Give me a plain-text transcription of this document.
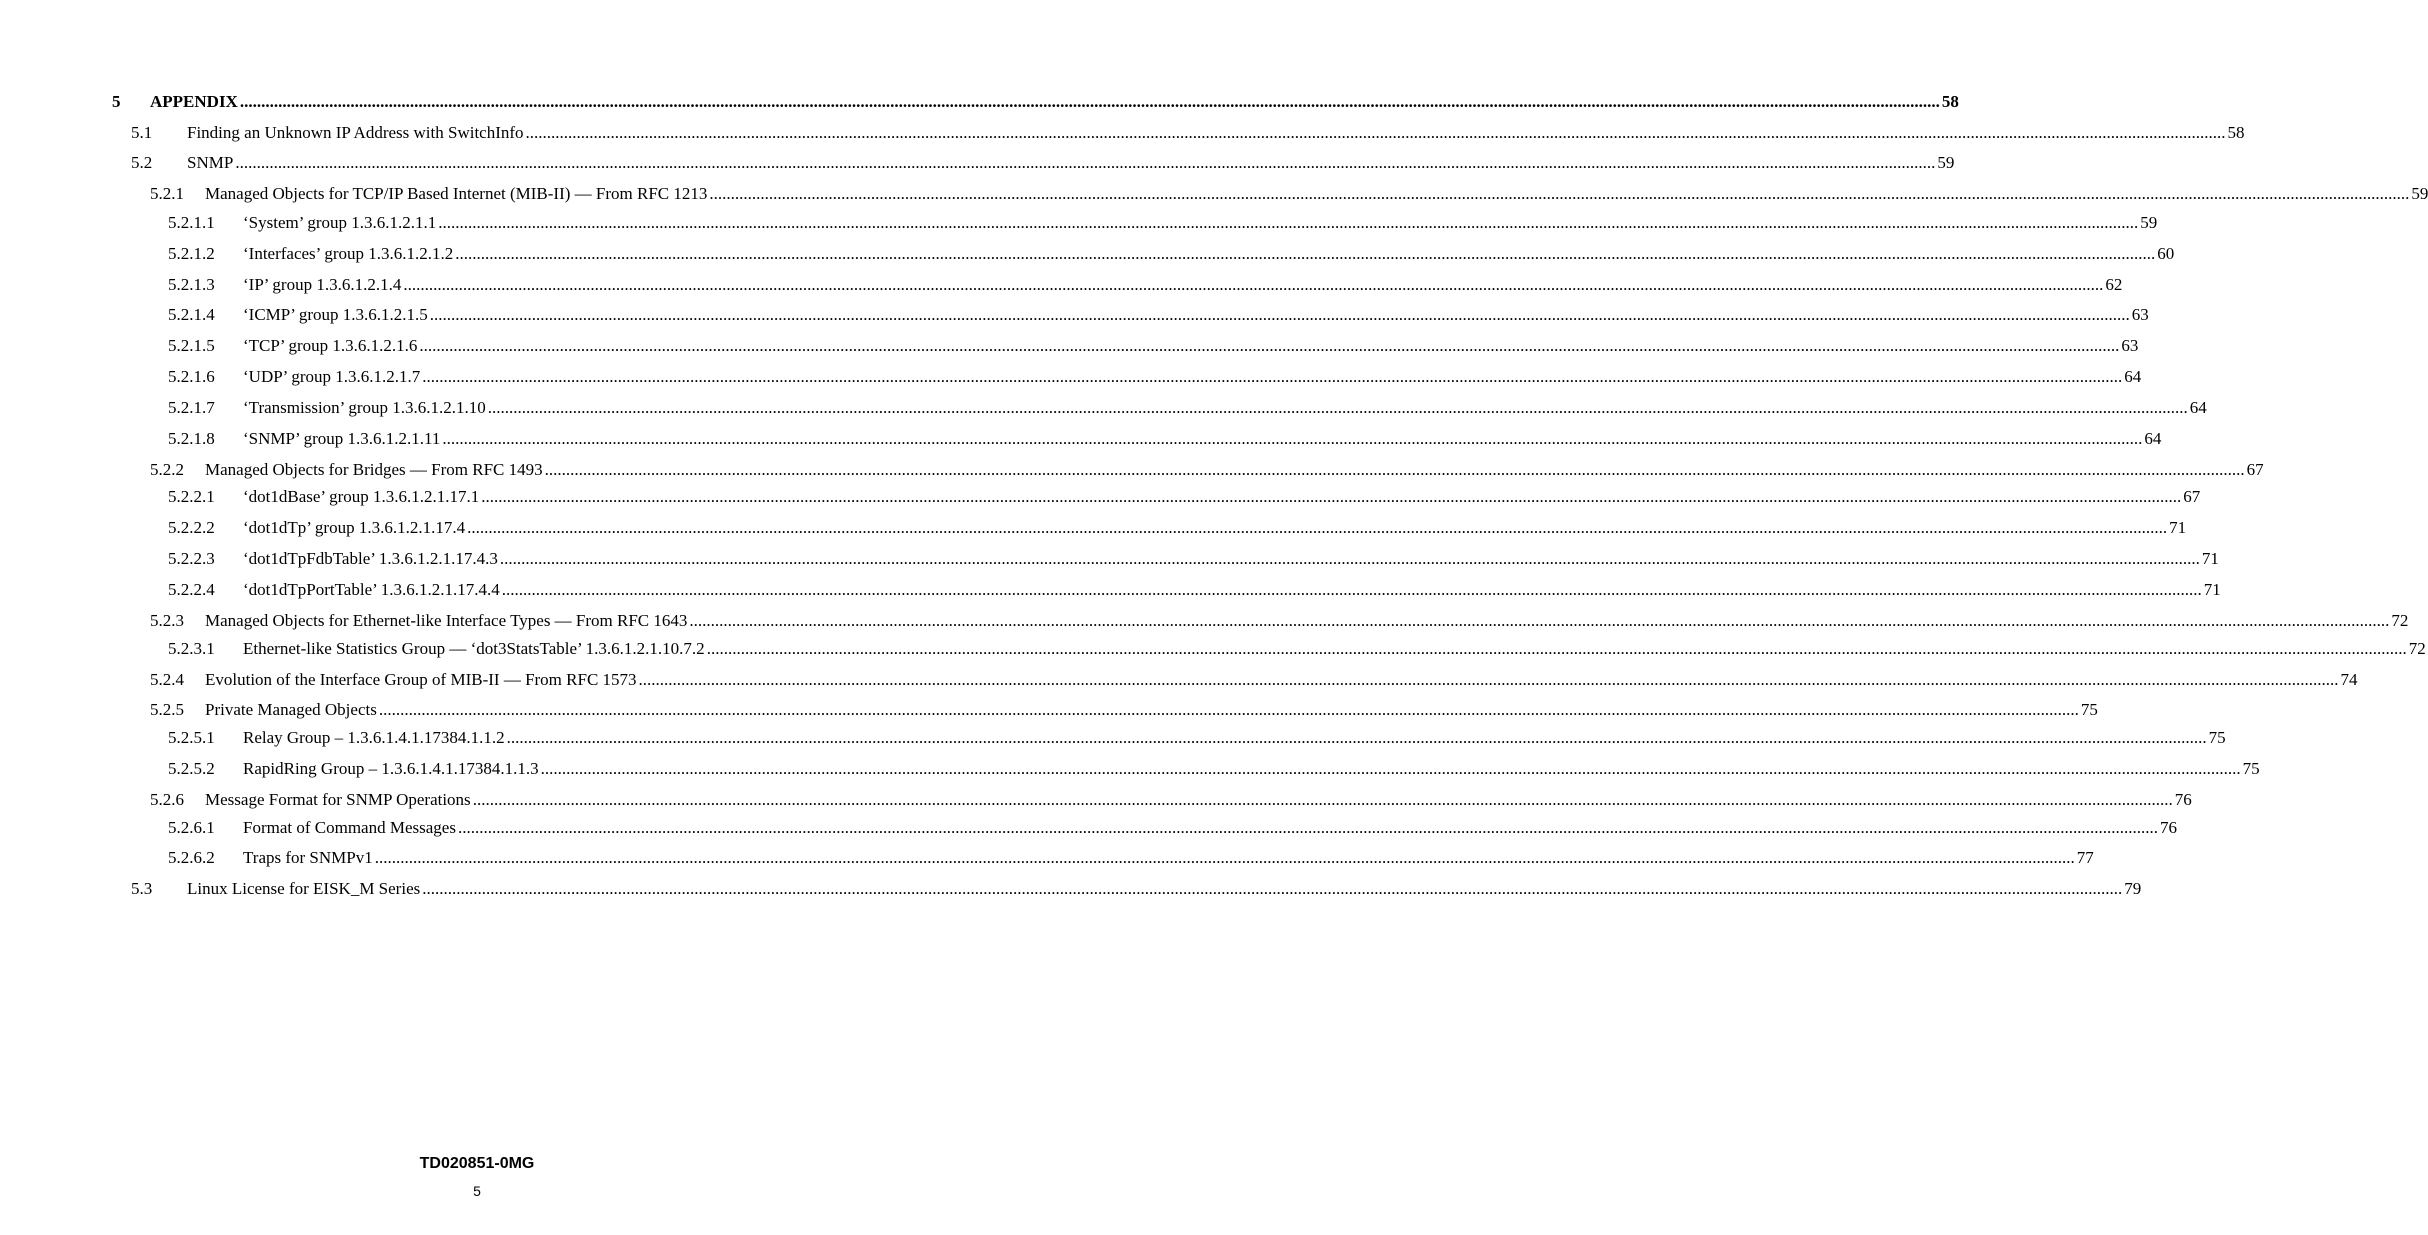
5	APPENDIX ................................................................................................................................................................................................................................................................................................................................................................................................................ 58
5.1	Finding an Unknown IP Address with SwitchInfo ................................................................................................................................................................................................................................................................................................................................................................................................................ 58
5.2	SNMP ................................................................................................................................................................................................................................................................................................................................................................................................................ 59
5.2.1	Managed Objects for TCP/IP Based Internet (MIB-II) — From RFC 1213 ................................................................................................................................................................................................................................................................................................................................................................................................................ 59
5.2.1.1	‘System’ group 1.3.6.1.2.1.1 ................................................................................................................................................................................................................................................................................................................................................................................................................ 59
5.2.1.2	‘Interfaces’ group 1.3.6.1.2.1.2 ................................................................................................................................................................................................................................................................................................................................................................................................................ 60
5.2.1.3	‘IP’ group 1.3.6.1.2.1.4 ................................................................................................................................................................................................................................................................................................................................................................................................................ 62
5.2.1.4	‘ICMP’ group 1.3.6.1.2.1.5 ................................................................................................................................................................................................................................................................................................................................................................................................................ 63
5.2.1.5	‘TCP’ group 1.3.6.1.2.1.6 ................................................................................................................................................................................................................................................................................................................................................................................................................ 63
5.2.1.6	‘UDP’ group 1.3.6.1.2.1.7 ................................................................................................................................................................................................................................................................................................................................................................................................................ 64
5.2.1.7	‘Transmission’ group 1.3.6.1.2.1.10 ................................................................................................................................................................................................................................................................................................................................................................................................................ 64
5.2.1.8	‘SNMP’ group 1.3.6.1.2.1.11 ................................................................................................................................................................................................................................................................................................................................................................................................................ 64
5.2.2	Managed Objects for Bridges — From RFC 1493 ................................................................................................................................................................................................................................................................................................................................................................................................................ 67
5.2.2.1	‘dot1dBase’ group 1.3.6.1.2.1.17.1 ................................................................................................................................................................................................................................................................................................................................................................................................................ 67
5.2.2.2	‘dot1dTp’ group 1.3.6.1.2.1.17.4 ................................................................................................................................................................................................................................................................................................................................................................................................................ 71
5.2.2.3	‘dot1dTpFdbTable’ 1.3.6.1.2.1.17.4.3 ................................................................................................................................................................................................................................................................................................................................................................................................................ 71
5.2.2.4	‘dot1dTpPortTable’ 1.3.6.1.2.1.17.4.4 ................................................................................................................................................................................................................................................................................................................................................................................................................ 71
5.2.3	Managed Objects for Ethernet-like Interface Types — From RFC 1643 ................................................................................................................................................................................................................................................................................................................................................................................................................ 72
5.2.3.1	Ethernet-like Statistics Group — ‘dot3StatsTable’ 1.3.6.1.2.1.10.7.2 ................................................................................................................................................................................................................................................................................................................................................................................................................ 72
5.2.4	Evolution of the Interface Group of MIB-II — From RFC 1573 ................................................................................................................................................................................................................................................................................................................................................................................................................ 74
5.2.5	Private Managed Objects ................................................................................................................................................................................................................................................................................................................................................................................................................ 75
5.2.5.1	Relay Group – 1.3.6.1.4.1.17384.1.1.2 ................................................................................................................................................................................................................................................................................................................................................................................................................ 75
5.2.5.2	RapidRing Group – 1.3.6.1.4.1.17384.1.1.3 ................................................................................................................................................................................................................................................................................................................................................................................................................ 75
5.2.6	Message Format for SNMP Operations ................................................................................................................................................................................................................................................................................................................................................................................................................ 76
5.2.6.1	Format of Command Messages ................................................................................................................................................................................................................................................................................................................................................................................................................ 76
5.2.6.2	Traps for SNMPv1 ................................................................................................................................................................................................................................................................................................................................................................................................................ 77
5.3	Linux License for EISK_M Series ................................................................................................................................................................................................................................................................................................................................................................................................................ 79
TD020851-0MG
5
